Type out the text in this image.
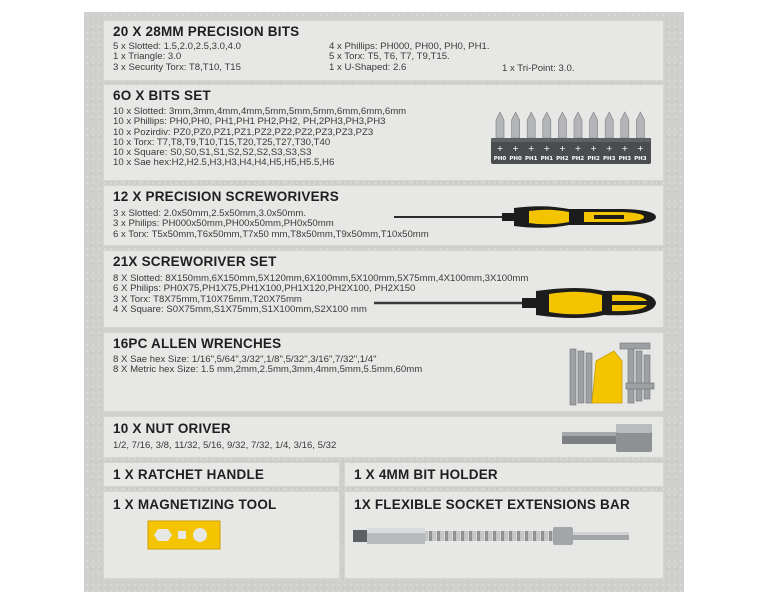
20 X 28MM PRECISION BITS
5 x Slotted: 1.5,2.0,2.5,3.0,4.0
1 x Triangle: 3.0
3 x Security Torx: T8,T10, T15
4 x Phillips: PH000, PH00, PH0, PH1.
5 x Torx: T5, T6, T7, T9,T15.
1 x U-Shaped: 2.6	1 x Tri-Point: 3.0.
6O X BITS SET
10 x Slotted: 3mm,3mm,4mm,4mm,5mm,5mm,5mm,6mm,6mm,6mm
10 x Phillips: PH0,PH0, PH1,PH1 PH2,PH2, PH,2PH3,PH3,PH3
10 x Pozirdiv: PZ0,PZ0,PZ1,PZ1,PZ2,PZ2,PZ2,PZ3,PZ3,PZ3
10 x Torx: T7,T8,T9,T10,T15,T20,T25,T27,T30,T40
10 x Square: S0,S0,S1,S1,S2,S2,S2,S3,S3,S3
10 x Sae hex:H2,H2.5,H3,H3,H4,H4,H5,H5,H5.5,H6
+
PH0
+
PH0
+
PH1
+
PH1
+
PH2
+
PH2
+
PH2
+
PH3
+
PH3
+
PH3
12 X PRECISION SCREWORIVERS
3 x Slotted: 2.0x50mm,2.5x50mm,3.0x50mm.
3 x Philips: PH000x50mm,PH00x50mm,PH0x50mm
6 x Torx: T5x50mm,T6x50mm,T7x50 mm,T8x50mm,T9x50mm,T10x50mm
21X SCREWORIVER SET
8 X Slotted: 8X150mm,6X150mm,5X120mm,6X100mm,5X100mm,5X75mm,4X100mm,3X100mm
6 X Philips: PH0X75,PH1X75,PH1X100,PH1X120,PH2X100, PH2X150
3 X Torx: T8X75mm,T10X75mm,T20X75mm
4 X Square: S0X75mm,S1X75mm,S1X100mm,S2X100 mm
16PC ALLEN WRENCHES
8 X Sae hex Size: 1/16",5/64",3/32",1/8",5/32",3/16",7/32",1/4"
8 X Metric hex Size: 1.5 mm,2mm,2.5mm,3mm,4mm,5mm,5.5mm,60mm
10 X NUT ORIVER
1/2, 7/16, 3/8, 11/32, 5/16, 9/32, 7/32, 1/4, 3/16, 5/32
1 X RATCHET HANDLE	1 X 4MM BIT HOLDER
1 X MAGNETIZING TOOL	1X FLEXIBLE SOCKET EXTENSIONS BAR
